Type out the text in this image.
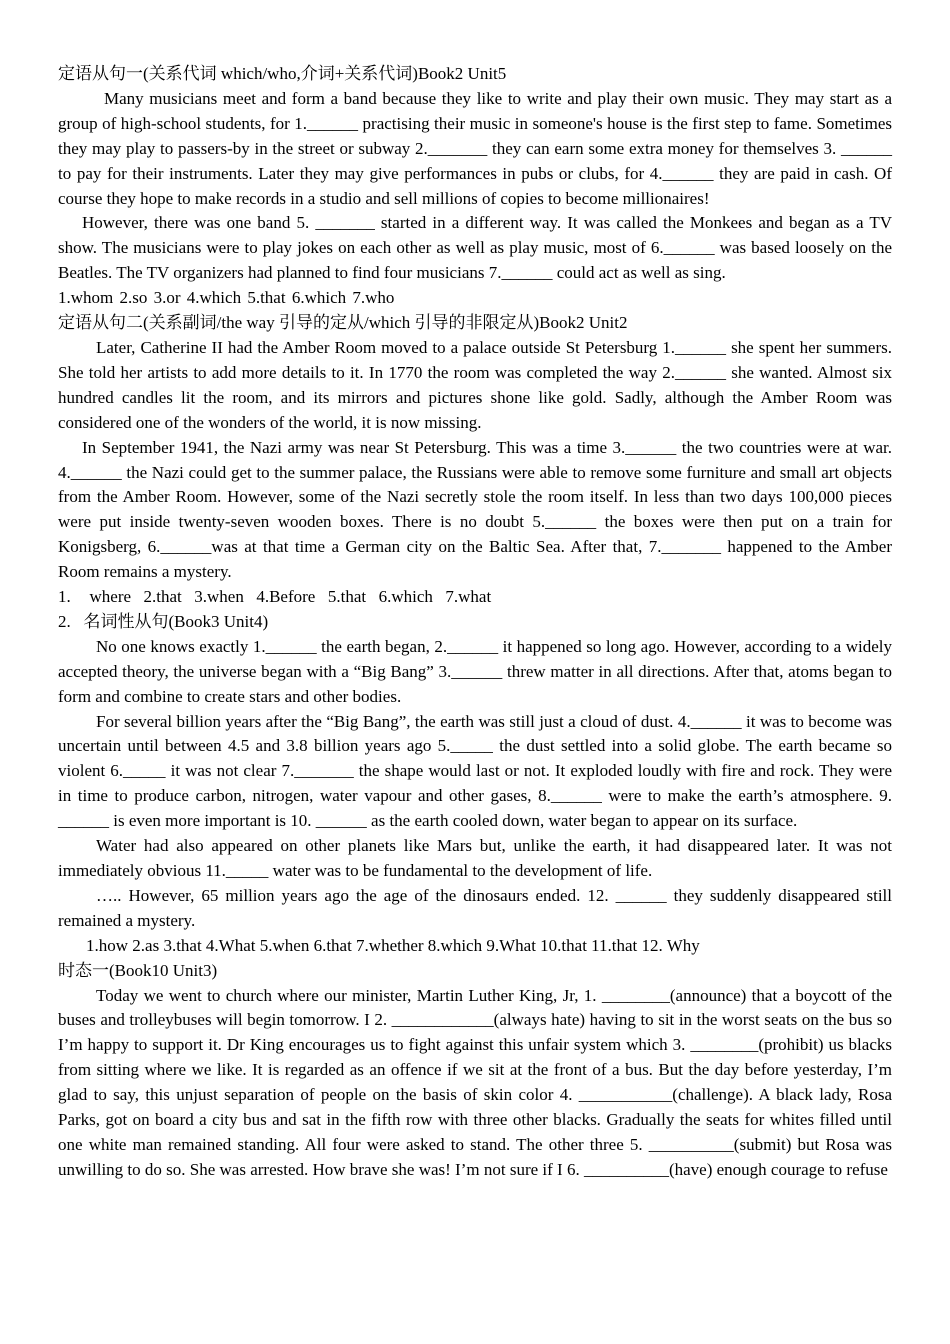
定语从句一(关系代词 which/who,介词+关系代词)Book2 Unit5

Many musicians meet and form a band because they like to write and play their own music. They may start as a group of high-school students, for 1.______ practising their music in someone's house is the first step to fame. Sometimes they may play to passers-by in the street or subway 2._______ they can earn some extra money for themselves 3. ______ to pay for their instruments. Later they may give performances in pubs or clubs, for 4.______ they are paid in cash. Of course they hope to make records in a studio and sell millions of copies to become millionaires!

However, there was one band 5. _______ started in a different way. It was called the Monkees and began as a TV show. The musicians were to play jokes on each other as well as play music, most of 6.______ was based loosely on the Beatles. The TV organizers had planned to find four musicians 7.______ could act as well as sing.

1.whom 2.so 3.or 4.which 5.that 6.which 7.who
定语从句二(关系副词/the way 引导的定从/which 引导的非限定从)Book2 Unit2

Later, Catherine II had the Amber Room moved to a palace outside St Petersburg 1.______ she spent her summers. She told her artists to add more details to it. In 1770 the room was completed the way 2.______ she wanted. Almost six hundred candles lit the room, and its mirrors and pictures shone like gold. Sadly, although the Amber Room was considered one of the wonders of the world, it is now missing.

In September 1941, the Nazi army was near St Petersburg. This was a time 3.______ the two countries were at war. 4.______ the Nazi could get to the summer palace, the Russians were able to remove some furniture and small art objects from the Amber Room. However, some of the Nazi secretly stole the room itself. In less than two days 100,000 pieces were put inside twenty-seven wooden boxes. There is no doubt 5.______ the boxes were then put on a train for Konigsberg, 6.______was at that time a German city on the Baltic Sea. After that, 7._______ happened to the Amber Room remains a mystery.

1.   where  2.that  3.when  4.Before  5.that  6.which  7.what
2.   名词性从句(Book3 Unit4)

No one knows exactly 1.______ the earth began, 2.______ it happened so long ago. However, according to a widely accepted theory, the universe began with a “Big Bang” 3.______ threw matter in all directions. After that, atoms began to form and combine to create stars and other bodies.

For several billion years after the “Big Bang”, the earth was still just a cloud of dust. 4.______ it was to become was uncertain until between 4.5 and 3.8 billion years ago 5._____ the dust settled into a solid globe. The earth became so violent 6._____ it was not clear 7._______ the shape would last or not. It exploded loudly with fire and rock. They were in time to produce carbon, nitrogen, water vapour and other gases, 8.______ were to make the earth’s atmosphere. 9. ______ is even more important is 10. ______ as the earth cooled down, water began to appear on its surface.

Water had also appeared on other planets like Mars but, unlike the earth, it had disappeared later. It was not immediately obvious 11._____ water was to be fundamental to the development of life.

….. However, 65 million years ago the age of the dinosaurs ended. 12. ______ they suddenly disappeared still remained a mystery.

1.how 2.as 3.that 4.What 5.when 6.that 7.whether 8.which 9.What 10.that 11.that 12. Why
时态一(Book10 Unit3)

Today we went to church where our minister, Martin Luther King, Jr, 1. ________(announce) that a boycott of the buses and trolleybuses will begin tomorrow. I 2. ____________(always hate) having to sit in the worst seats on the bus so I’m happy to support it. Dr King encourages us to fight against this unfair system which 3. ________(prohibit) us blacks from sitting where we like. It is regarded as an offence if we sit at the front of a bus. But the day before yesterday, I’m glad to say, this unjust separation of people on the basis of skin color 4. ___________(challenge). A black lady, Rosa Parks, got on board a city bus and sat in the fifth row with three other blacks. Gradually the seats for whites filled until one white man remained standing. All four were asked to stand. The other three 5. __________(submit) but Rosa was unwilling to do so. She was arrested. How brave she was! I’m not sure if I 6. __________(have) enough courage to refuse
